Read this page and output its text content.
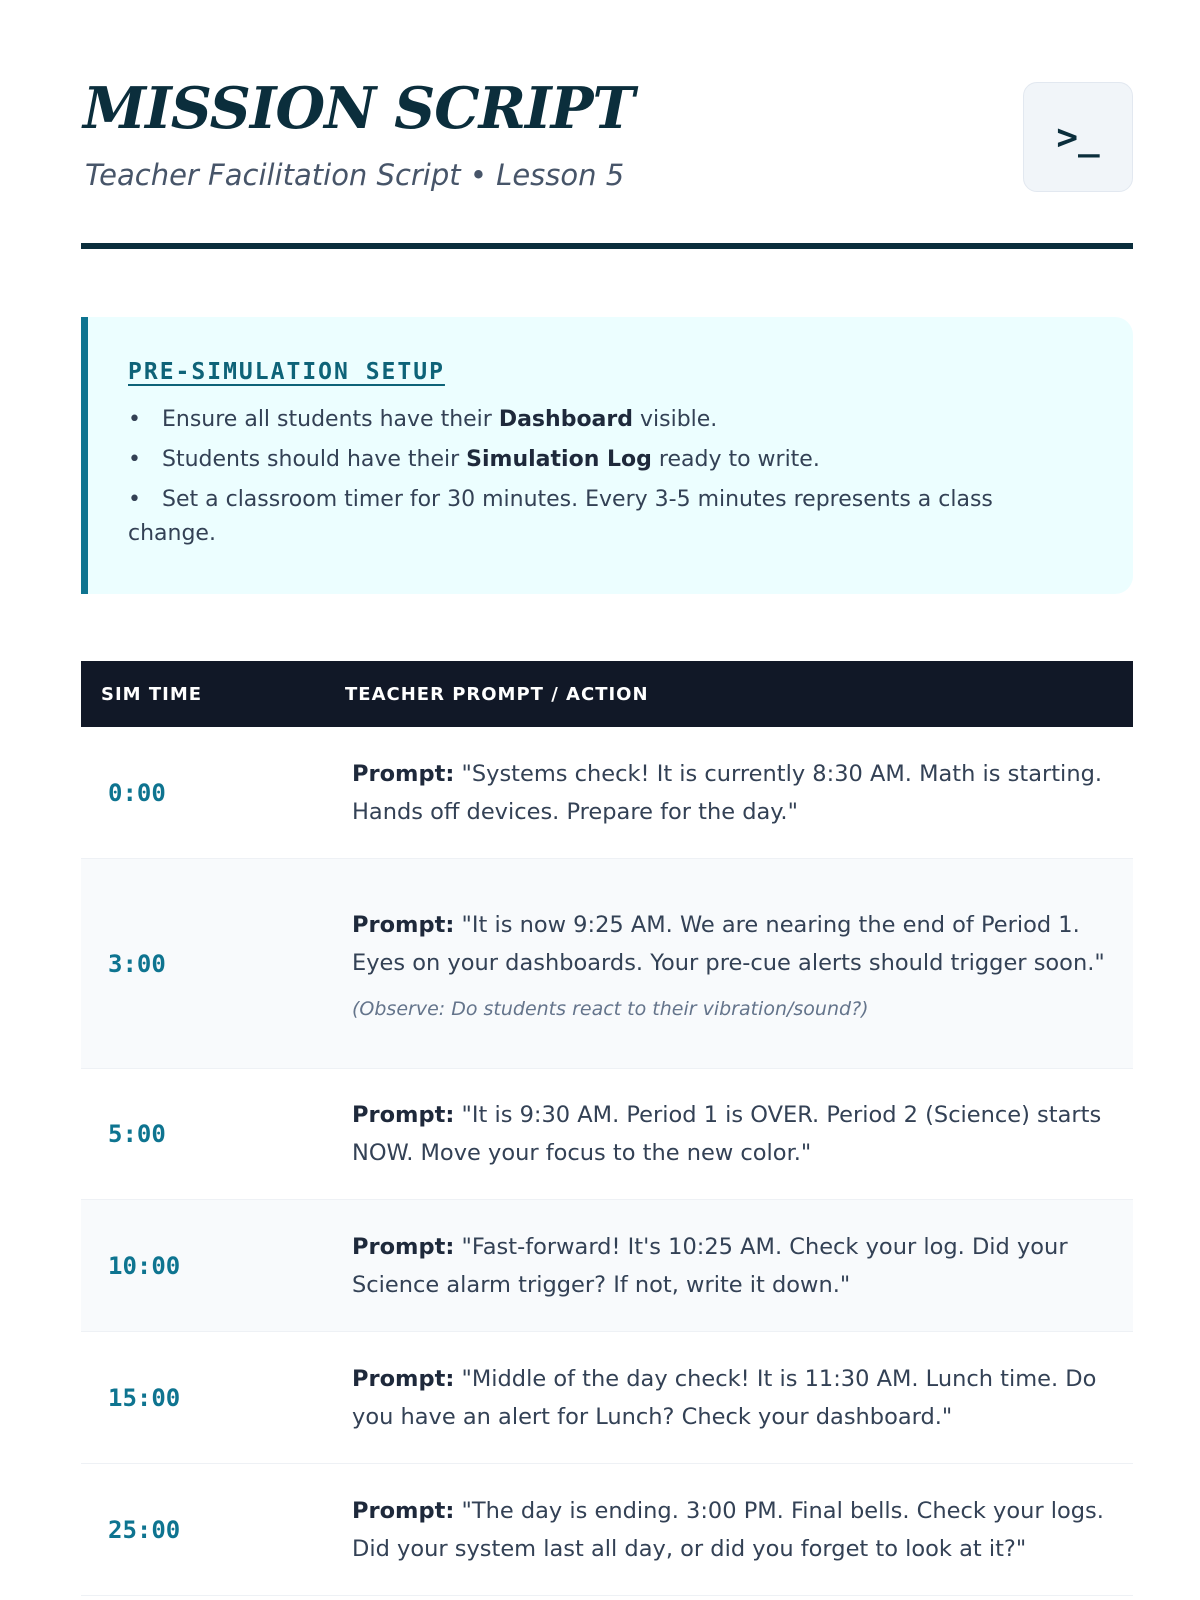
MISSION SCRIPT
Teacher Facilitation Script • Lesson 5
>_
PRE-SIMULATION SETUP
• Ensure all students have their Dashboard visible.
• Students should have their Simulation Log ready to write.
• Set a classroom timer for 30 minutes. Every 3-5 minutes represents a class change.
SIM TIME	TEACHER PROMPT / ACTION
0:00
Prompt: "Systems check! It is currently 8:30 AM. Math is starting. Hands off devices. Prepare for the day."
3:00
Prompt: "It is now 9:25 AM. We are nearing the end of Period 1. Eyes on your dashboards. Your pre-cue alerts should trigger soon."
(Observe: Do students react to their vibration/sound?)
5:00
Prompt: "It is 9:30 AM. Period 1 is OVER. Period 2 (Science) starts NOW. Move your focus to the new color."
10:00
Prompt: "Fast-forward! It's 10:25 AM. Check your log. Did your Science alarm trigger? If not, write it down."
15:00
Prompt: "Middle of the day check! It is 11:30 AM. Lunch time. Do you have an alert for Lunch? Check your dashboard."
25:00
Prompt: "The day is ending. 3:00 PM. Final bells. Check your logs. Did your system last all day, or did you forget to look at it?"
